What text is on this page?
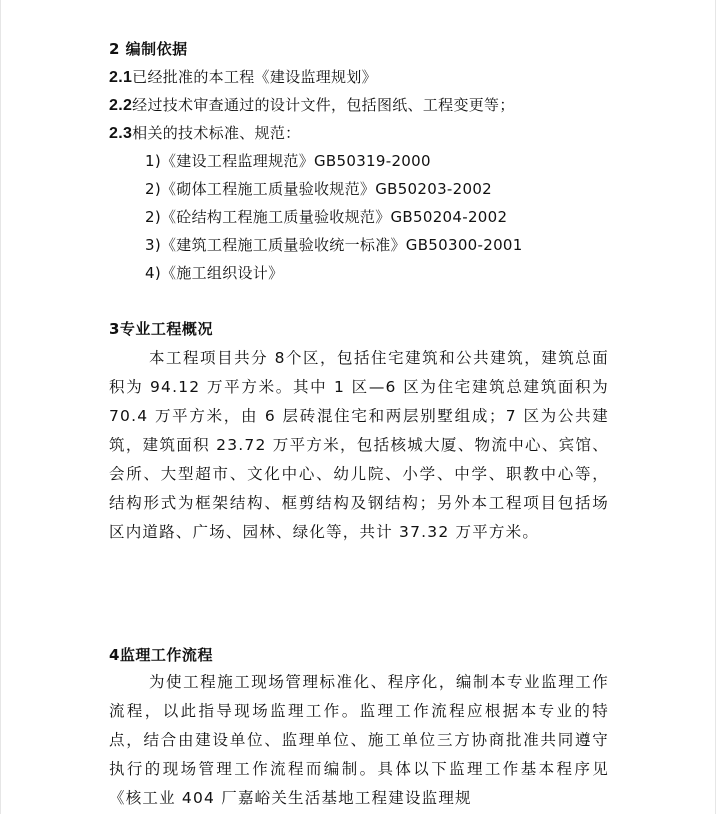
2 编制依据
2.1已经批准的本工程《建设监理规划》
2.2经过技术审查通过的设计文件，包括图纸、工程变更等；
2.3相关的技术标准、规范：
1)《建设工程监理规范》GB50319-2000
2)《砌体工程施工质量验收规范》GB50203-2002
2)《砼结构工程施工质量验收规范》GB50204-2002
3)《建筑工程施工质量验收统一标准》GB50300-2001
4)《施工组织设计》
3专业工程概况
本工程项目共分 8个区，包括住宅建筑和公共建筑，建筑总面积为 94.12 万平方米。其中 1 区—6 区为住宅建筑总建筑面积为 70.4 万平方米，由 6 层砖混住宅和两层别墅组成；7 区为公共建筑，建筑面积 23.72 万平方米，包括核城大厦、物流中心、宾馆、会所、大型超市、文化中心、幼儿院、小学、中学、职教中心等，结构形式为框架结构、框剪结构及钢结构；另外本工程项目包括场区内道路、广场、园林、绿化等，共计 37.32 万平方米。
4监理工作流程
为使工程施工现场管理标准化、程序化，编制本专业监理工作流程，以此指导现场监理工作。监理工作流程应根据本专业的特点，结合由建设单位、监理单位、施工单位三方协商批准共同遵守执行的现场管理工作流程而编制。具体以下监理工作基本程序见《核工业 404 厂嘉峪关生活基地工程建设监理规
